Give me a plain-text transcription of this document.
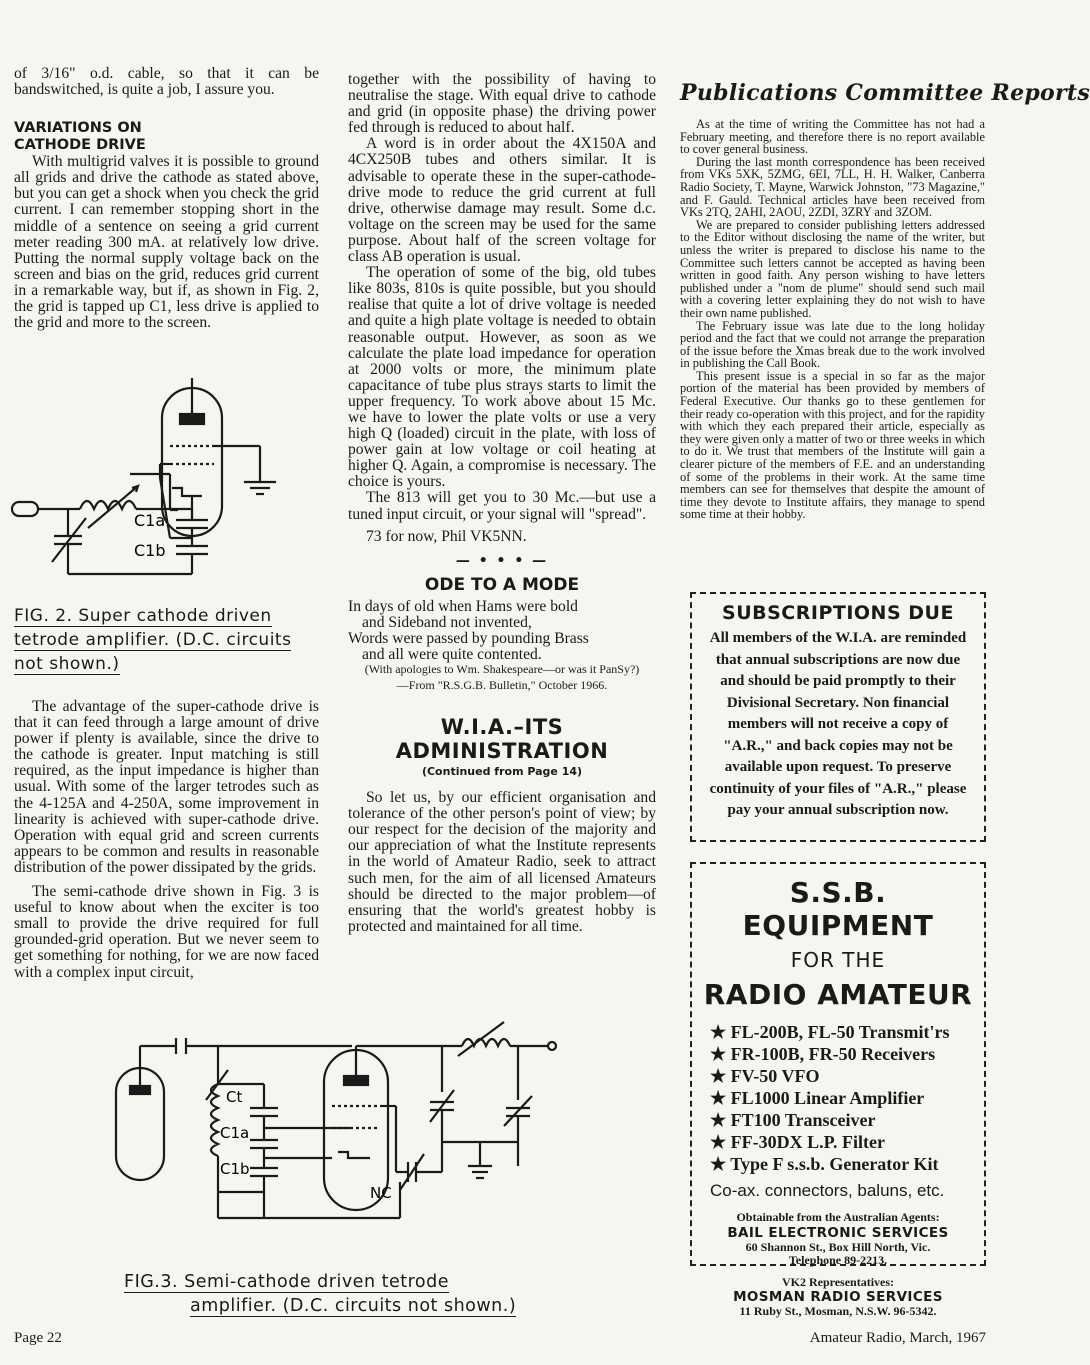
of 3/16" o.d. cable, so that it can be bandswitched, is quite a job, I assure you.

VARIATIONS ON
CATHODE DRIVE

With multigrid valves it is possible to ground all grids and drive the cathode as stated above, but you can get a shock when you check the grid current. I can remember stopping short in the middle of a sentence on seeing a grid current meter reading 300 mA. at relatively low drive. Putting the normal supply voltage back on the screen and bias on the grid, reduces grid current in a remarkable way, but if, as shown in Fig. 2, the grid is tapped up C1, less drive is applied to the grid and more to the screen.

C1a
C1b
FIG. 2. Super cathode driven
tetrode amplifier. (D.C. circuits
not shown.)

The advantage of the super-cathode drive is that it can feed through a large amount of drive power if plenty is available, since the drive to the cathode is greater. Input matching is still required, as the input impedance is higher than usual. With some of the larger tetrodes such as the 4-125A and 4-250A, some improvement in linearity is achieved with super-cathode drive. Operation with equal grid and screen currents appears to be common and results in reasonable distribution of the power dissipated by the grids.

The semi-cathode drive shown in Fig. 3 is useful to know about when the exciter is too small to provide the drive required for full grounded-grid operation. But we never seem to get something for nothing, for we are now faced with a complex input circuit,

together with the possibility of having to neutralise the stage. With equal drive to cathode and grid (in opposite phase) the driving power fed through is reduced to about half.

A word is in order about the 4X150A and 4CX250B tubes and others similar. It is advisable to operate these in the super-cathode-drive mode to reduce the grid current at full drive, otherwise damage may result. Some d.c. voltage on the screen may be used for the same purpose. About half of the screen voltage for class AB operation is usual.

The operation of some of the big, old tubes like 803s, 810s is quite possible, but you should realise that quite a lot of drive voltage is needed and quite a high plate voltage is needed to obtain reasonable output. However, as soon as we calculate the plate load impedance for operation at 2000 volts or more, the minimum plate capacitance of tube plus strays starts to limit the upper frequency. To work above about 15 Mc. we have to lower the plate volts or use a very high Q (loaded) circuit in the plate, with loss of power gain at low voltage or coil heating at higher Q. Again, a compromise is necessary. The choice is yours.

The 813 will get you to 30 Mc.—but use a tuned input circuit, or your signal will "spread".

73 for now, Phil VK5NN.

— • • • —
ODE TO A MODE

In days of old when Hams were bold

and Sideband not invented,

Words were passed by pounding Brass

and all were quite contented.

(With apologies to Wm. Shakespeare—or was it PanSy?)

—From "R.S.G.B. Bulletin," October 1966.
W.I.A.–ITS ADMINISTRATION
(Continued from Page 14)

So let us, by our efficient organisation and tolerance of the other person's point of view; by our respect for the decision of the majority and our appreciation of what the Institute represents in the world of Amateur Radio, seek to attract such men, for the aim of all licensed Amateurs should be directed to the major problem—of ensuring that the world's greatest hobby is protected and maintained for all time.

Publications Committee Reports

As at the time of writing the Committee has not had a February meeting, and therefore there is no report available to cover general business.

During the last month correspondence has been received from VKs 5XK, 5ZMG, 6EI, 7LL, H. H. Walker, Canberra Radio Society, T. Mayne, Warwick Johnston, "73 Magazine," and F. Gauld. Technical articles have been received from VKs 2TQ, 2AHI, 2AOU, 2ZDI, 3ZRY and 3ZOM.

We are prepared to consider publishing letters addressed to the Editor without disclosing the name of the writer, but unless the writer is prepared to disclose his name to the Committee such letters cannot be accepted as having been written in good faith. Any person wishing to have letters published under a "nom de plume" should send such mail with a covering letter explaining they do not wish to have their own name published.

The February issue was late due to the long holiday period and the fact that we could not arrange the preparation of the issue before the Xmas break due to the work involved in publishing the Call Book.

This present issue is a special in so far as the major portion of the material has been provided by members of Federal Executive. Our thanks go to these gentlemen for their ready co-operation with this project, and for the rapidity with which they each prepared their article, especially as they were given only a matter of two or three weeks in which to do it. We trust that members of the Institute will gain a clearer picture of the members of F.E. and an understanding of some of the problems in their work. At the same time members can see for themselves that despite the amount of time they devote to Institute affairs, they manage to spend some time at their hobby.

SUBSCRIPTIONS DUE
All members of the W.I.A. are reminded that annual subscriptions are now due and should be paid promptly to their Divisional Secretary. Non financial members will not receive a copy of "A.R.," and back copies may not be available upon request. To preserve continuity of your files of "A.R.," please pay your annual subscription now.
S.S.B. EQUIPMENT
FOR THE
RADIO AMATEUR
★ FL-200B, FL-50 Transmit'rs
★ FR-100B, FR-50 Receivers
★ FV-50 VFO
★ FL1000 Linear Amplifier
★ FT100 Transceiver
★ FF-30DX L.P. Filter
★ Type F s.s.b. Generator Kit
Co-ax. connectors, baluns, etc.
Obtainable from the Australian Agents:
BAIL ELECTRONIC SERVICES
60 Shannon St., Box Hill North, Vic.
Telephone 89-2213.
VK2 Representatives:
MOSMAN RADIO SERVICES
11 Ruby St., Mosman, N.S.W. 96-5342.
Ct
C1a
C1b
NC
FIG.3. Semi-cathode driven tetrode
amplifier. (D.C. circuits not shown.)
Page 22	Amateur Radio, March, 1967
